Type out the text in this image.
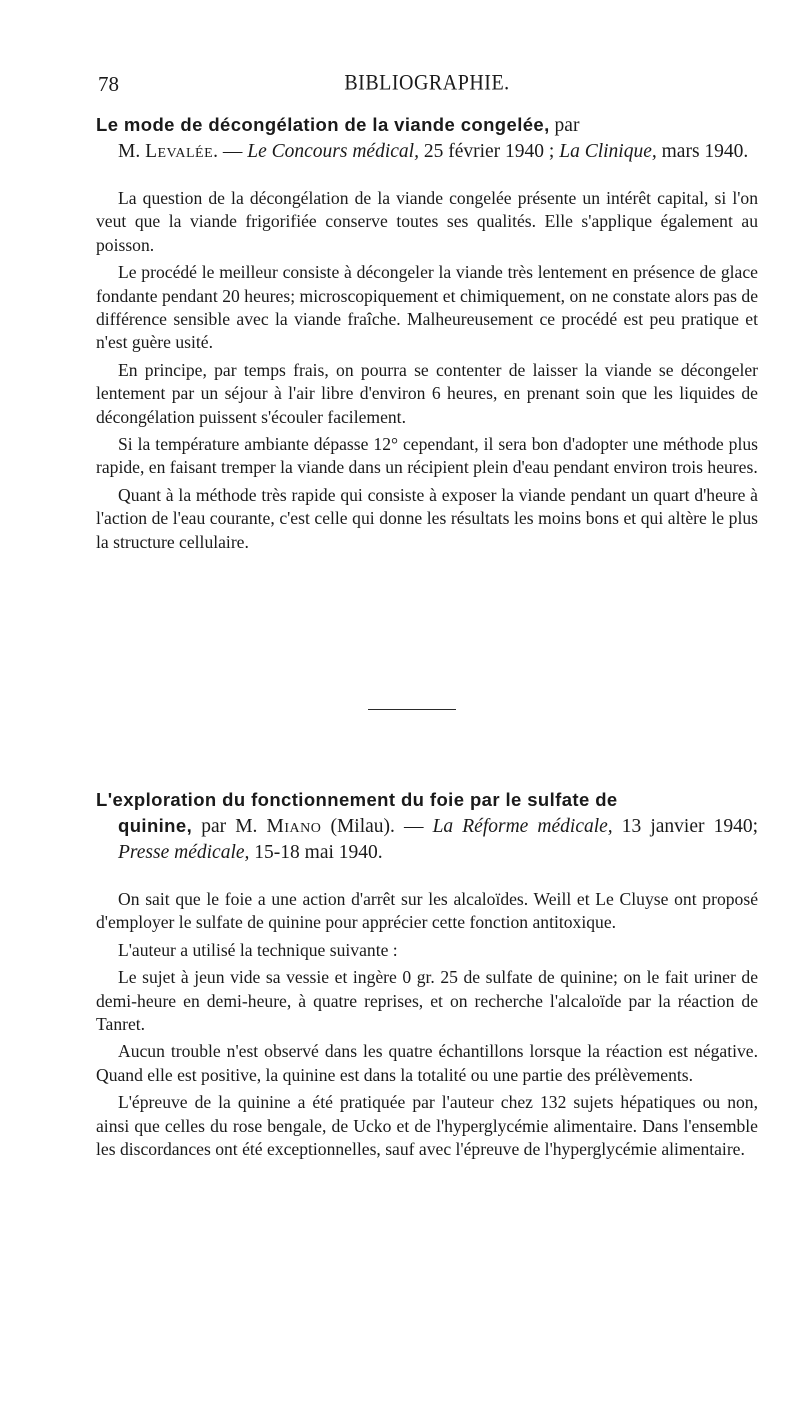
78	BIBLIOGRAPHIE.

Le mode de décongélation de la viande congelée, par
M. Levalée. — Le Concours médical, 25 février 1940 ; La Clinique, mars 1940.

La question de la décongélation de la viande congelée présente un intérêt capital, si l'on veut que la viande frigorifiée conserve toutes ses qualités. Elle s'applique également au poisson.

Le procédé le meilleur consiste à décongeler la viande très lentement en présence de glace fondante pendant 20 heures; microscopiquement et chimiquement, on ne constate alors pas de différence sensible avec la viande fraîche. Malheureusement ce procédé est peu pratique et n'est guère usité.

En principe, par temps frais, on pourra se contenter de laisser la viande se décongeler lentement par un séjour à l'air libre d'environ 6 heures, en prenant soin que les liquides de décongélation puissent s'écouler facilement.

Si la température ambiante dépasse 12° cependant, il sera bon d'adopter une méthode plus rapide, en faisant tremper la viande dans un récipient plein d'eau pendant environ trois heures.

Quant à la méthode très rapide qui consiste à exposer la viande pendant un quart d'heure à l'action de l'eau courante, c'est celle qui donne les résultats les moins bons et qui altère le plus la structure cellulaire.

L'exploration du fonctionnement du foie par le sulfate de
quinine, par M. Miano (Milau). — La Réforme médicale, 13 janvier 1940; Presse médicale, 15-18 mai 1940.

On sait que le foie a une action d'arrêt sur les alcaloïdes. Weill et Le Cluyse ont proposé d'employer le sulfate de quinine pour apprécier cette fonction antitoxique.

L'auteur a utilisé la technique suivante :

Le sujet à jeun vide sa vessie et ingère 0 gr. 25 de sulfate de quinine; on le fait uriner de demi-heure en demi-heure, à quatre reprises, et on recherche l'alcaloïde par la réaction de Tanret.

Aucun trouble n'est observé dans les quatre échantillons lorsque la réaction est négative. Quand elle est positive, la quinine est dans la totalité ou une partie des prélèvements.

L'épreuve de la quinine a été pratiquée par l'auteur chez 132 sujets hépatiques ou non, ainsi que celles du rose bengale, de Ucko et de l'hyperglycémie alimentaire. Dans l'ensemble les discordances ont été exceptionnelles, sauf avec l'épreuve de l'hyperglycémie alimentaire.
